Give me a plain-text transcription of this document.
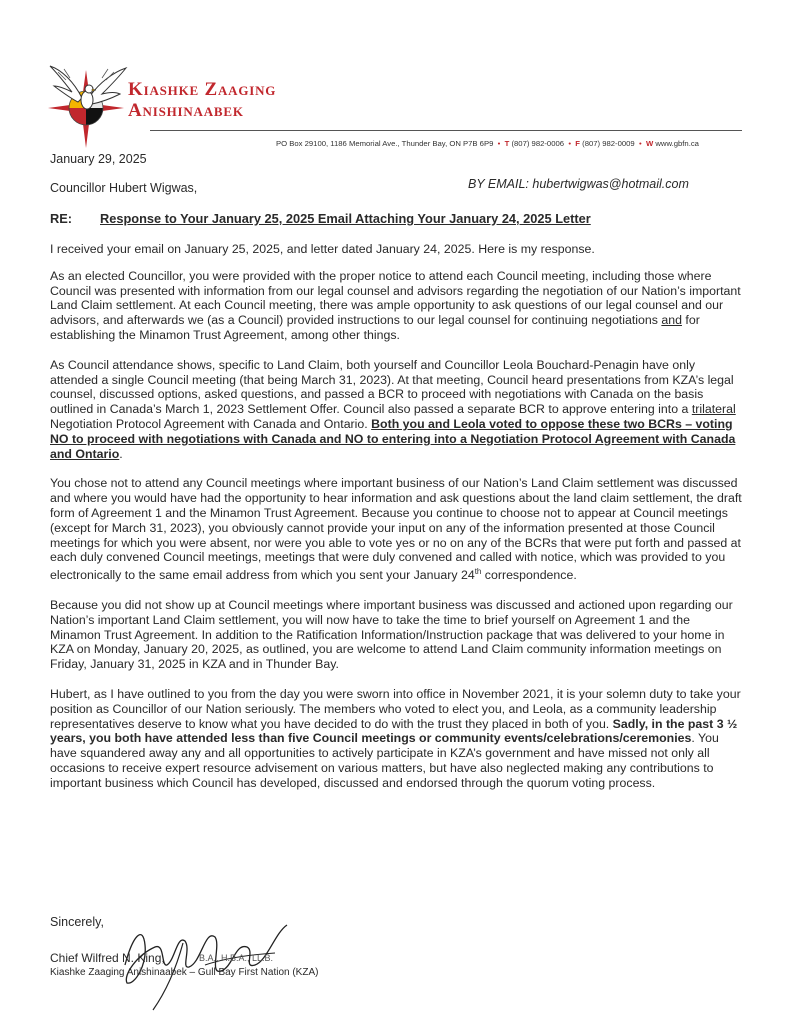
Kiashke Zaaging
Anishinaabek
PO Box 29100, 1186 Memorial Ave., Thunder Bay, ON P7B 6P9  •  T (807) 982-0006  •  F (807) 982-0009  •  W www.gbfn.ca
January 29, 2025
Councillor Hubert Wigwas,	BY EMAIL: hubertwigwas@hotmail.com
RE: Response to Your January 25, 2025 Email Attaching Your January 24, 2025 Letter

I received your email on January 25, 2025, and letter dated January 24, 2025. Here is my response.

As an elected Councillor, you were provided with the proper notice to attend each Council meeting, including those where Council was presented with information from our legal counsel and advisors regarding the negotiation of our Nation’s important Land Claim settlement. At each Council meeting, there was ample opportunity to ask questions of our legal counsel and our advisors, and afterwards we (as a Council) provided instructions to our legal counsel for continuing negotiations and for establishing the Minamon Trust Agreement, among other things.

As Council attendance shows, specific to Land Claim, both yourself and Councillor Leola Bouchard-Penagin have only attended a single Council meeting (that being March 31, 2023). At that meeting, Council heard presentations from KZA’s legal counsel, discussed options, asked questions, and passed a BCR to proceed with negotiations with Canada on the basis outlined in Canada’s March 1, 2023 Settlement Offer. Council also passed a separate BCR to approve entering into a trilateral Negotiation Protocol Agreement with Canada and Ontario. Both you and Leola voted to oppose these two BCRs – voting NO to proceed with negotiations with Canada and NO to entering into a Negotiation Protocol Agreement with Canada and Ontario.

You chose not to attend any Council meetings where important business of our Nation’s Land Claim settlement was discussed and where you would have had the opportunity to hear information and ask questions about the land claim settlement, the draft form of Agreement 1 and the Minamon Trust Agreement. Because you continue to choose not to appear at Council meetings (except for March 31, 2023), you obviously cannot provide your input on any of the information presented at those Council meetings for which you were absent, nor were you able to vote yes or no on any of the BCRs that were put forth and passed at each duly convened Council meetings, meetings that were duly convened and called with notice, which was provided to you electronically to the same email address from which you sent your January 24th correspondence.

Because you did not show up at Council meetings where important business was discussed and actioned upon regarding our Nation’s important Land Claim settlement, you will now have to take the time to brief yourself on Agreement 1 and the Minamon Trust Agreement. In addition to the Ratification Information/Instruction package that was delivered to your home in KZA on Monday, January 20, 2025, as outlined, you are welcome to attend Land Claim community information meetings on Friday, January 31, 2025 in KZA and in Thunder Bay.

Hubert, as I have outlined to you from the day you were sworn into office in November 2021, it is your solemn duty to take your position as Councillor of our Nation seriously. The members who voted to elect you, and Leola, as a community leadership representatives deserve to know what you have decided to do with the trust they placed in both of you. Sadly, in the past 3 ½ years, you both have attended less than five Council meetings or community events/celebrations/ceremonies. You have squandered away any and all opportunities to actively participate in KZA’s government and have missed not only all occasions to receive expert resource advisement on various matters, but have also neglected making any contributions to important business which Council has developed, discussed and endorsed through the quorum voting process.

Sincerely,
Chief Wilfred N. King,	B.A., H.B.A., LL.B.
Kiashke Zaaging Anishinaabek – Gull Bay First Nation (KZA)
